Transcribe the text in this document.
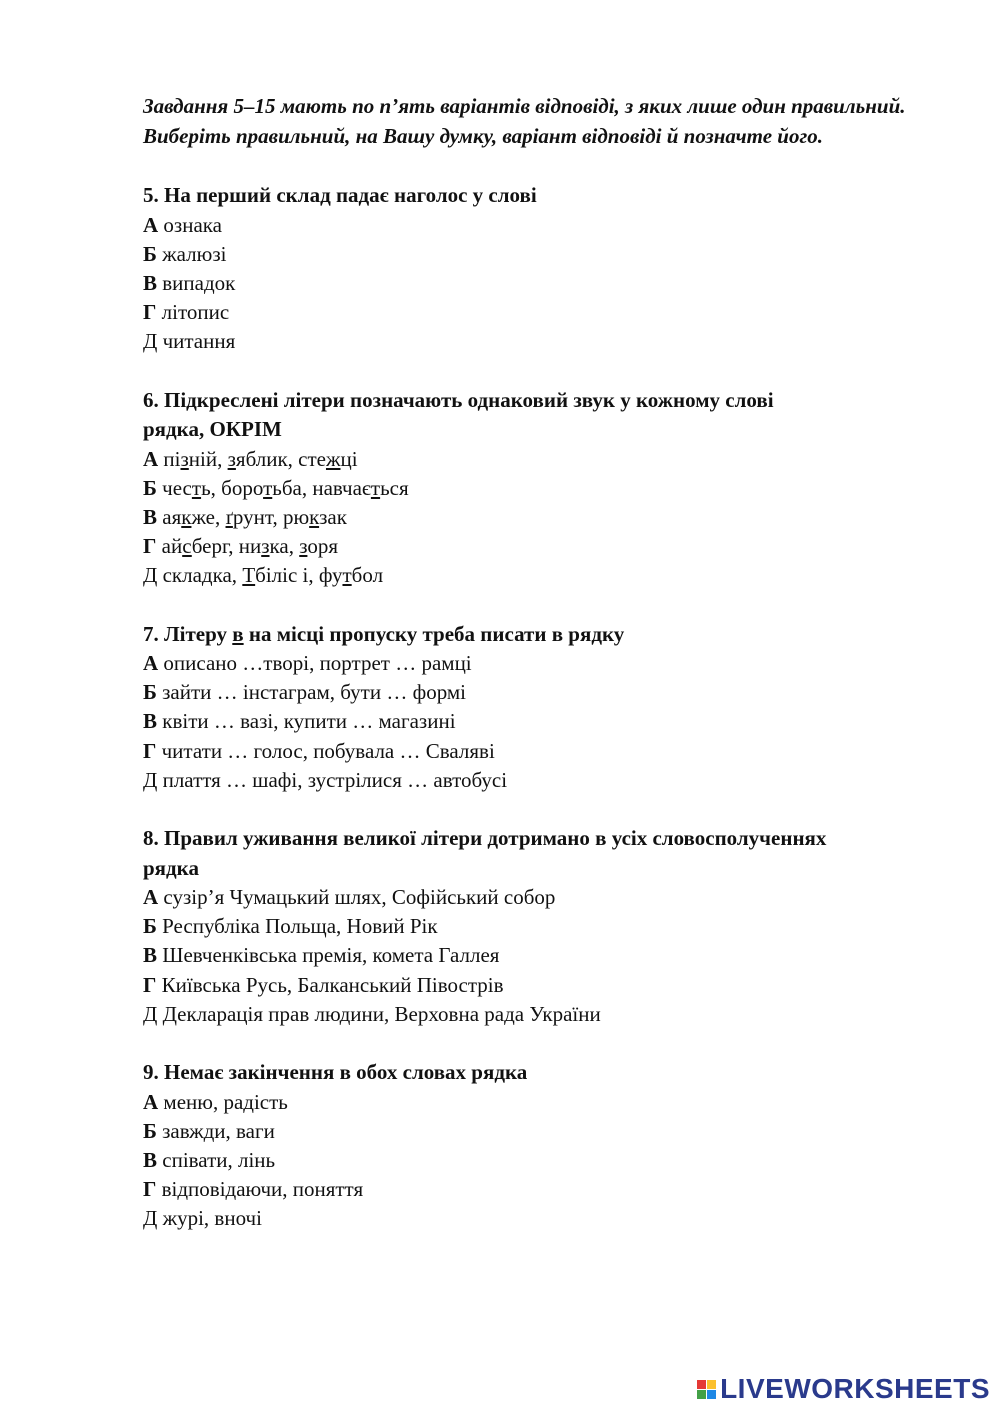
Завдання 5–15 мають по п’ять варіантів відповіді, з яких лише один правильний. Виберіть правильний, на Вашу думку, варіант відповіді й позначте його.
5. На перший склад падає наголос у слові
А ознака
Б жалюзі
В випадок
Г літопис
Д читання
6. Підкреслені літери позначають однаковий звук у кожному слові
рядка, ОКРІМ
А пізній, зяблик, стежці
Б честь, боротьба, навчається
В аякже, ґрунт, рюкзак
Г айсберг, низка, зоря
Д складка, Тбіліс і, футбол
7. Літеру в на місці пропуску треба писати в рядку
А описано …творі, портрет … рамці
Б зайти … інстаграм, бути … формі
В квіти … вазі, купити … магазині
Г читати … голос, побувала … Сваляві
Д плаття … шафі, зустрілися … автобусі
8. Правил уживання великої літери дотримано в усіх словосполученнях
рядка
А сузір’я Чумацький шлях, Софійський собор
Б Республіка Польща, Новий Рік
В Шевченківська премія, комета Галлея
Г Київська Русь, Балканський Півострів
Д Декларація прав людини, Верховна рада України
9. Немає закінчення в обох словах рядка
А меню, радість
Б завжди, ваги
В співати, лінь
Г відповідаючи, поняття
Д журі, вночі
LIVEWORKSHEETS
